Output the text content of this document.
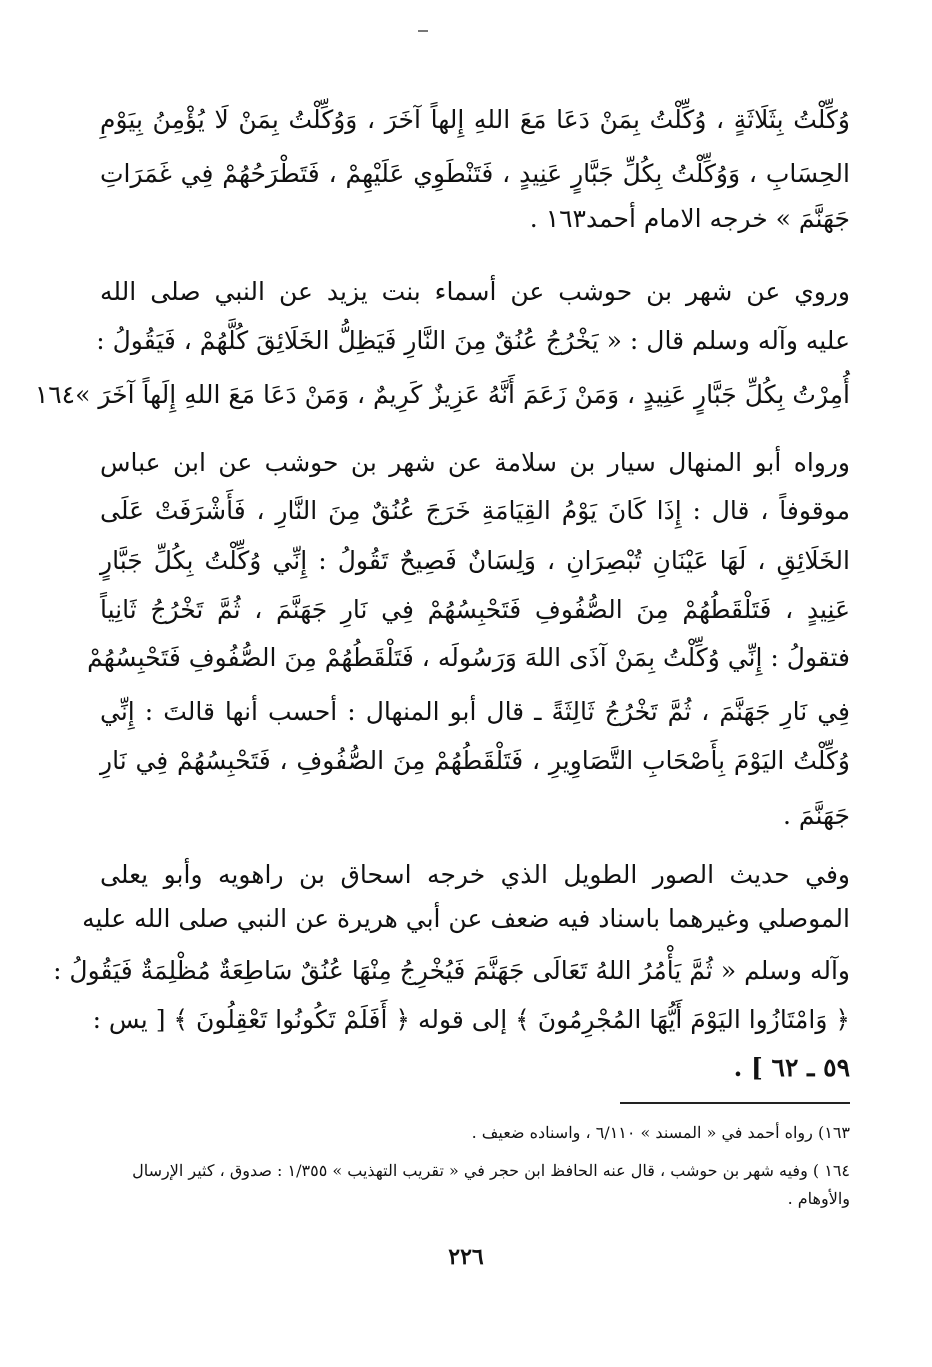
وُكِّلْتُ بِثَلَاثَةٍ ، وُكِّلْتُ بِمَنْ دَعَا مَعَ اللهِ إِلهاً آخَرَ ، وَوُكِّلْتُ بِمَنْ لَا يُؤْمِنُ بِيَوْمِ
الحِسَابِ ، وَوُكِّلْتُ بِكُلِّ جَبَّارٍ عَنِيدٍ ، فَتَنْطَوِي عَلَيْهِمْ ، فَتَطْرَحُهُمْ فِي غَمَرَاتِ
جَهَنَّمَ » خرجه الامام أحمد١٦٣ .
وروي عن شهر بن حوشب عن أسماء بنت يزيد عن النبي صلى الله
عليه وآله وسلم قال : « يَخْرُجُ عُنُقٌ مِنَ النَّارِ فَيَظِلُّ الخَلَائِقَ كُلَّهُمْ ، فَيَقُولُ :
أُمِرْتُ بِكُلِّ جَبَّارٍ عَنِيدٍ ، وَمَنْ زَعَمَ أَنَّهُ عَزِيزٌ كَرِيمٌ ، وَمَنْ دَعَا مَعَ اللهِ إِلَهاً آخَرَ »١٦٤
ورواه أبو المنهال سيار بن سلامة عن شهر بن حوشب عن ابن عباس
موقوفاً ، قال : إِذَا كَانَ يَوْمُ القِيَامَةِ خَرَجَ عُنُقٌ مِنَ النَّارِ ، فَأَشْرَفَتْ عَلَى
الخَلَائِقِ ، لَهَا عَيْنَانِ تُبْصِرَانِ ، وَلِسَانٌ فَصِيحٌ تَقُولُ : إِنِّي وُكِّلْتُ بِكُلِّ جَبَّارٍ
عَنِيدٍ ، فَتَلْقَطُهُمْ مِنَ الصُّفُوفِ فَتَحْبِسُهُمْ فِي نَارِ جَهَنَّمَ ، ثُمَّ تَخْرُجُ ثَانِياً
فتقولُ : إِنِّي وُكِّلْتُ بِمَنْ آذَى اللهَ وَرَسُولَه ، فَتَلْقَطُهُمْ مِنَ الصُّفُوفِ فَتَحْبِسُهُمْ
فِي نَارِ جَهَنَّمَ ، ثُمَّ تَخْرُجُ ثَالِثَةً ـ قال أبو المنهال : أحسب أنها قالتَ : إِنِّي
وُكِّلْتُ اليَوْمَ بِأَصْحَابِ التَّصَاوِيرِ ، فَتَلْقَطُهُمْ مِنَ الصُّفُوفِ ، فَتَحْبِسُهُمْ فِي نَارِ
جَهَنَّمَ .
وفي حديث الصور الطويل الذي خرجه اسحاق بن راهويه وأبو يعلى
الموصلي وغيرهما باسناد فيه ضعف عن أبي هريرة عن النبي صلى الله عليه
وآله وسلم « ثُمَّ يَأْمُرُ اللهُ تَعَالَى جَهَنَّمَ فَيُخْرِجُ مِنْهَا عُنُقٌ سَاطِعَةٌ مُظْلِمَةٌ فَيَقُولُ :
﴿ وَامْتَازُوا اليَوْمَ أَيُّهَا المُجْرِمُونَ ﴾ إلى قوله ﴿ أَفَلَمْ تَكُونُوا تَعْقِلُونَ ﴾ [ يس :
٥٩ ـ ٦٢ ] .
١٦٣) رواه أحمد في « المسند » ٦/١١٠ ، واسناده ضعيف .
١٦٤ ) وفيه شهر بن حوشب ، قال عنه الحافظ ابن حجر في « تقريب التهذيب » ١/٣٥٥ : صدوق ، كثير الإرسال
والأوهام .
٢٢٦
